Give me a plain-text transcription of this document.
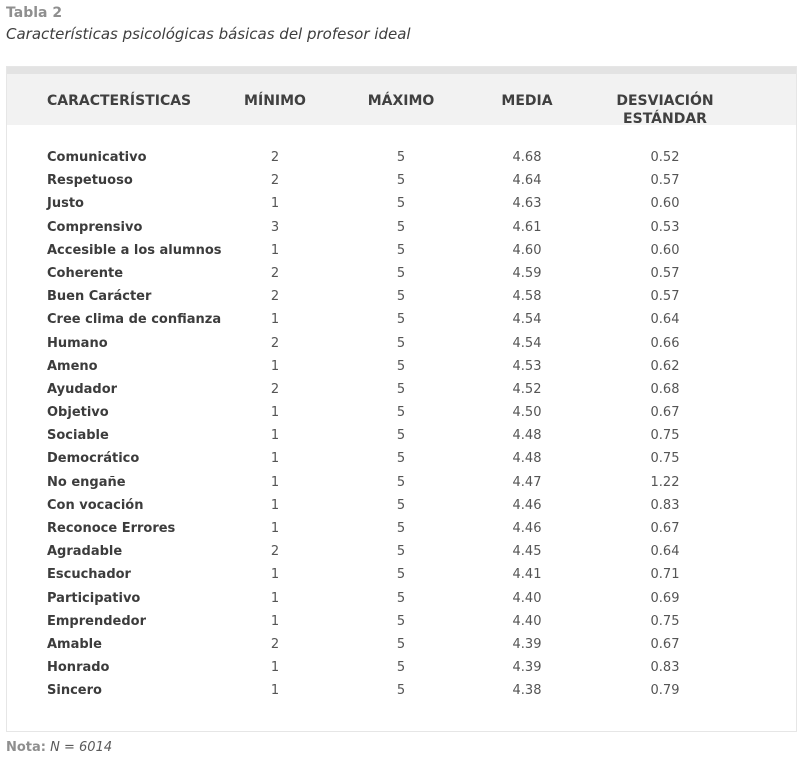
Tabla 2
Características psicológicas básicas del profesor ideal
CARACTERÍSTICAS	MÍNIMO	MÁXIMO	MEDIA	DESVIACIÓN ESTÁNDAR
Comunicativo	2	5	4.68	0.52
Respetuoso	2	5	4.64	0.57
Justo	1	5	4.63	0.60
Comprensivo	3	5	4.61	0.53
Accesible a los alumnos	1	5	4.60	0.60
Coherente	2	5	4.59	0.57
Buen Carácter	2	5	4.58	0.57
Cree clima de confianza	1	5	4.54	0.64
Humano	2	5	4.54	0.66
Ameno	1	5	4.53	0.62
Ayudador	2	5	4.52	0.68
Objetivo	1	5	4.50	0.67
Sociable	1	5	4.48	0.75
Democrático	1	5	4.48	0.75
No engañe	1	5	4.47	1.22
Con vocación	1	5	4.46	0.83
Reconoce Errores	1	5	4.46	0.67
Agradable	2	5	4.45	0.64
Escuchador	1	5	4.41	0.71
Participativo	1	5	4.40	0.69
Emprendedor	1	5	4.40	0.75
Amable	2	5	4.39	0.67
Honrado	1	5	4.39	0.83
Sincero	1	5	4.38	0.79
Nota: N = 6014
